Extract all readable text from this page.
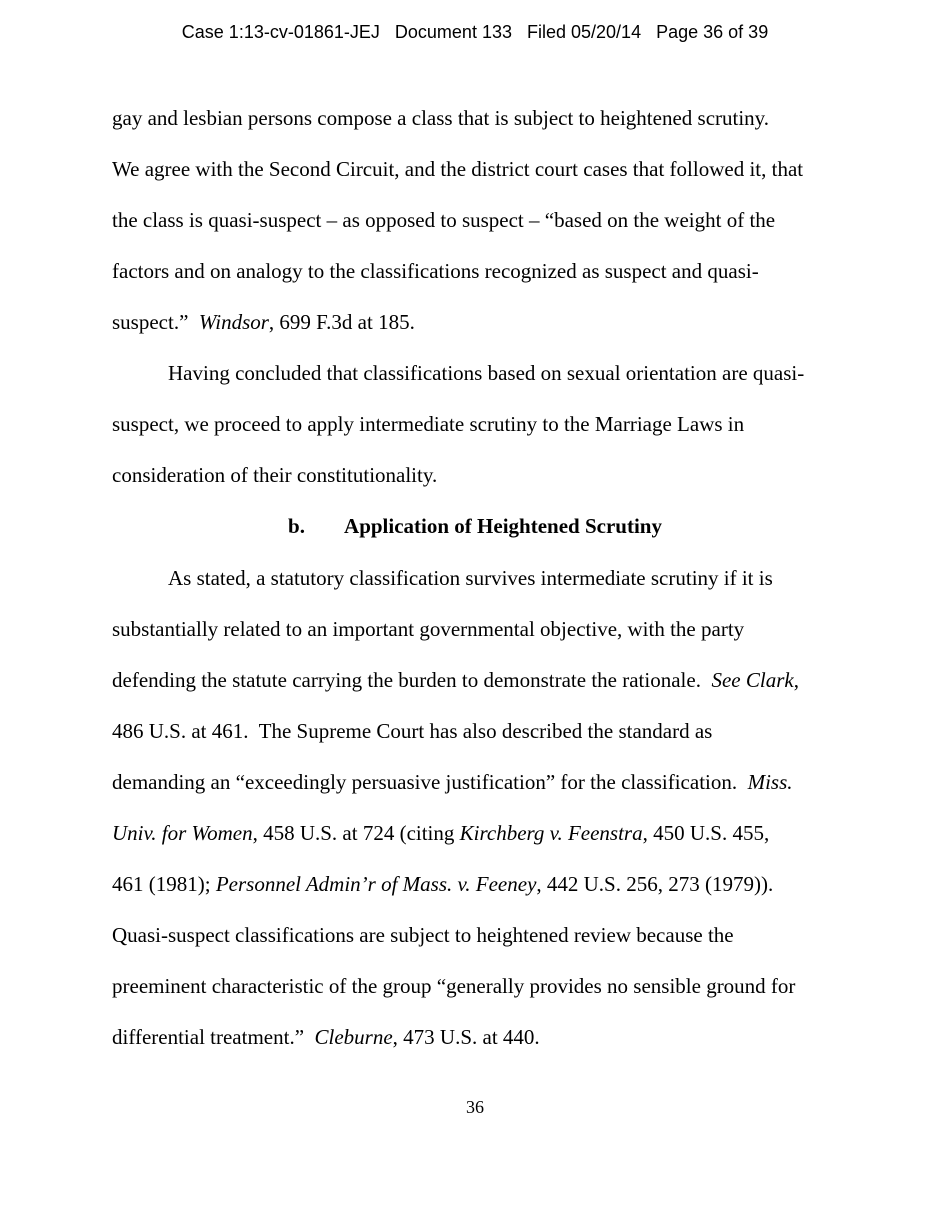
Case 1:13-cv-01861-JEJ Document 133 Filed 05/20/14 Page 36 of 39
gay and lesbian persons compose a class that is subject to heightened scrutiny.
We agree with the Second Circuit, and the district court cases that followed it, that
the class is quasi-suspect – as opposed to suspect – “based on the weight of the
factors and on analogy to the classifications recognized as suspect and quasi-
suspect.”  Windsor, 699 F.3d at 185.
Having concluded that classifications based on sexual orientation are quasi-
suspect, we proceed to apply intermediate scrutiny to the Marriage Laws in
consideration of their constitutionality.
b. Application of Heightened Scrutiny
As stated, a statutory classification survives intermediate scrutiny if it is
substantially related to an important governmental objective, with the party
defending the statute carrying the burden to demonstrate the rationale.  See Clark,
486 U.S. at 461.  The Supreme Court has also described the standard as
demanding an “exceedingly persuasive justification” for the classification.  Miss.
Univ. for Women, 458 U.S. at 724 (citing Kirchberg v. Feenstra, 450 U.S. 455,
461 (1981); Personnel Admin’r of Mass. v. Feeney, 442 U.S. 256, 273 (1979)).
Quasi-suspect classifications are subject to heightened review because the
preeminent characteristic of the group “generally provides no sensible ground for
differential treatment.”  Cleburne, 473 U.S. at 440.
36
